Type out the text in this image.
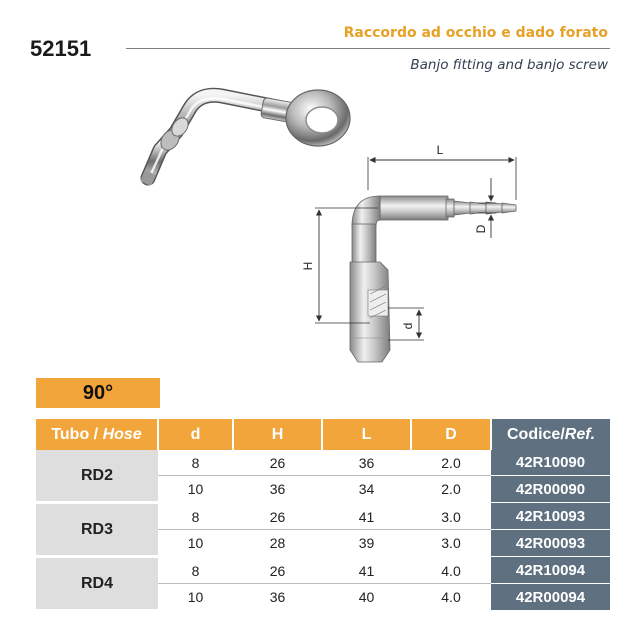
52151
Raccordo ad occhio e dado forato
Banjo fitting and banjo screw
L
H
D
d
90°
Tubo / Hose	d	H	L	D	Codice/Ref.
RD2	8	26	36	2.0	42R10090
	10	36	34	2.0	42R00090
RD3	8	26	41	3.0	42R10093
	10	28	39	3.0	42R00093
RD4	8	26	41	4.0	42R10094
	10	36	40	4.0	42R00094
